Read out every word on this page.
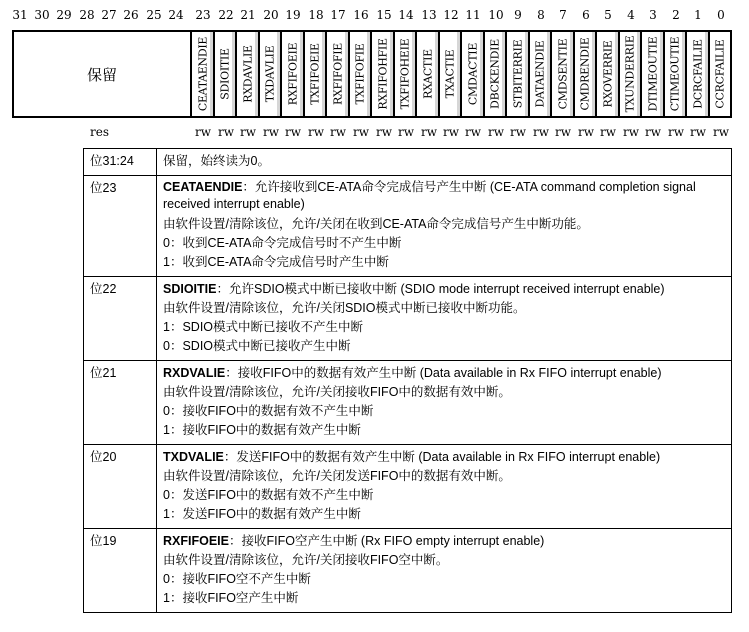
31 30 29 28 27 26 25 24 23 22 21 20 19 18 17 16 15 14 13 12 11 10 9	8	7	6	5	4	3	2	1	0
保留	CEATAENDIE SDIOITIE RXDAVLIE TXDAVLIE RXFIFOEIE TXFIFOEIE RXFIFOFIE TXFIFOFIE RXFIFOHFIE TXFIFOHEIE RXACTIE TXACTIE CMDACTIE DBCKENDIE STBITERRIE DATAENDIE CMDSENTIE CMDRENDIE RXOVERRIE TXUNDERRIE DTIMEOUTIE CTIMEOUTIE DCRCFAILIE CCRCFAILIE
res	rw rw rw rw rw rw rw rw rw rw rw rw rw rw rw rw rw rw rw rw rw rw rw rw
位31:24	保留，始终读为0。
位23	CEATAENDIE：允许接收到CE-ATA命令完成信号产生中断 (CE-ATA command completion signal received interrupt enable)
由软件设置/清除该位，允许/关闭在收到CE-ATA命令完成信号产生中断功能。
0：收到CE-ATA命令完成信号时不产生中断
1：收到CE-ATA命令完成信号时产生中断

位22	SDIOITIE：允许SDIO模式中断已接收中断 (SDIO mode interrupt received interrupt enable)
由软件设置/清除该位，允许/关闭SDIO模式中断已接收中断功能。
1：SDIO模式中断已接收不产生中断
0：SDIO模式中断已接收产生中断

位21	RXDVALIE：接收FIFO中的数据有效产生中断 (Data available in Rx FIFO interrupt enable)
由软件设置/清除该位，允许/关闭接收FIFO中的数据有效中断。
0：接收FIFO中的数据有效不产生中断
1：接收FIFO中的数据有效产生中断

位20	TXDVALIE：发送FIFO中的数据有效产生中断 (Data available in Rx FIFO interrupt enable)
由软件设置/清除该位，允许/关闭发送FIFO中的数据有效中断。
0：发送FIFO中的数据有效不产生中断
1：发送FIFO中的数据有效产生中断

位19	RXFIFOEIE：接收FIFO空产生中断 (Rx FIFO empty interrupt enable)
由软件设置/清除该位，允许/关闭接收FIFO空中断。
0：接收FIFO空不产生中断
1：接收FIFO空产生中断
